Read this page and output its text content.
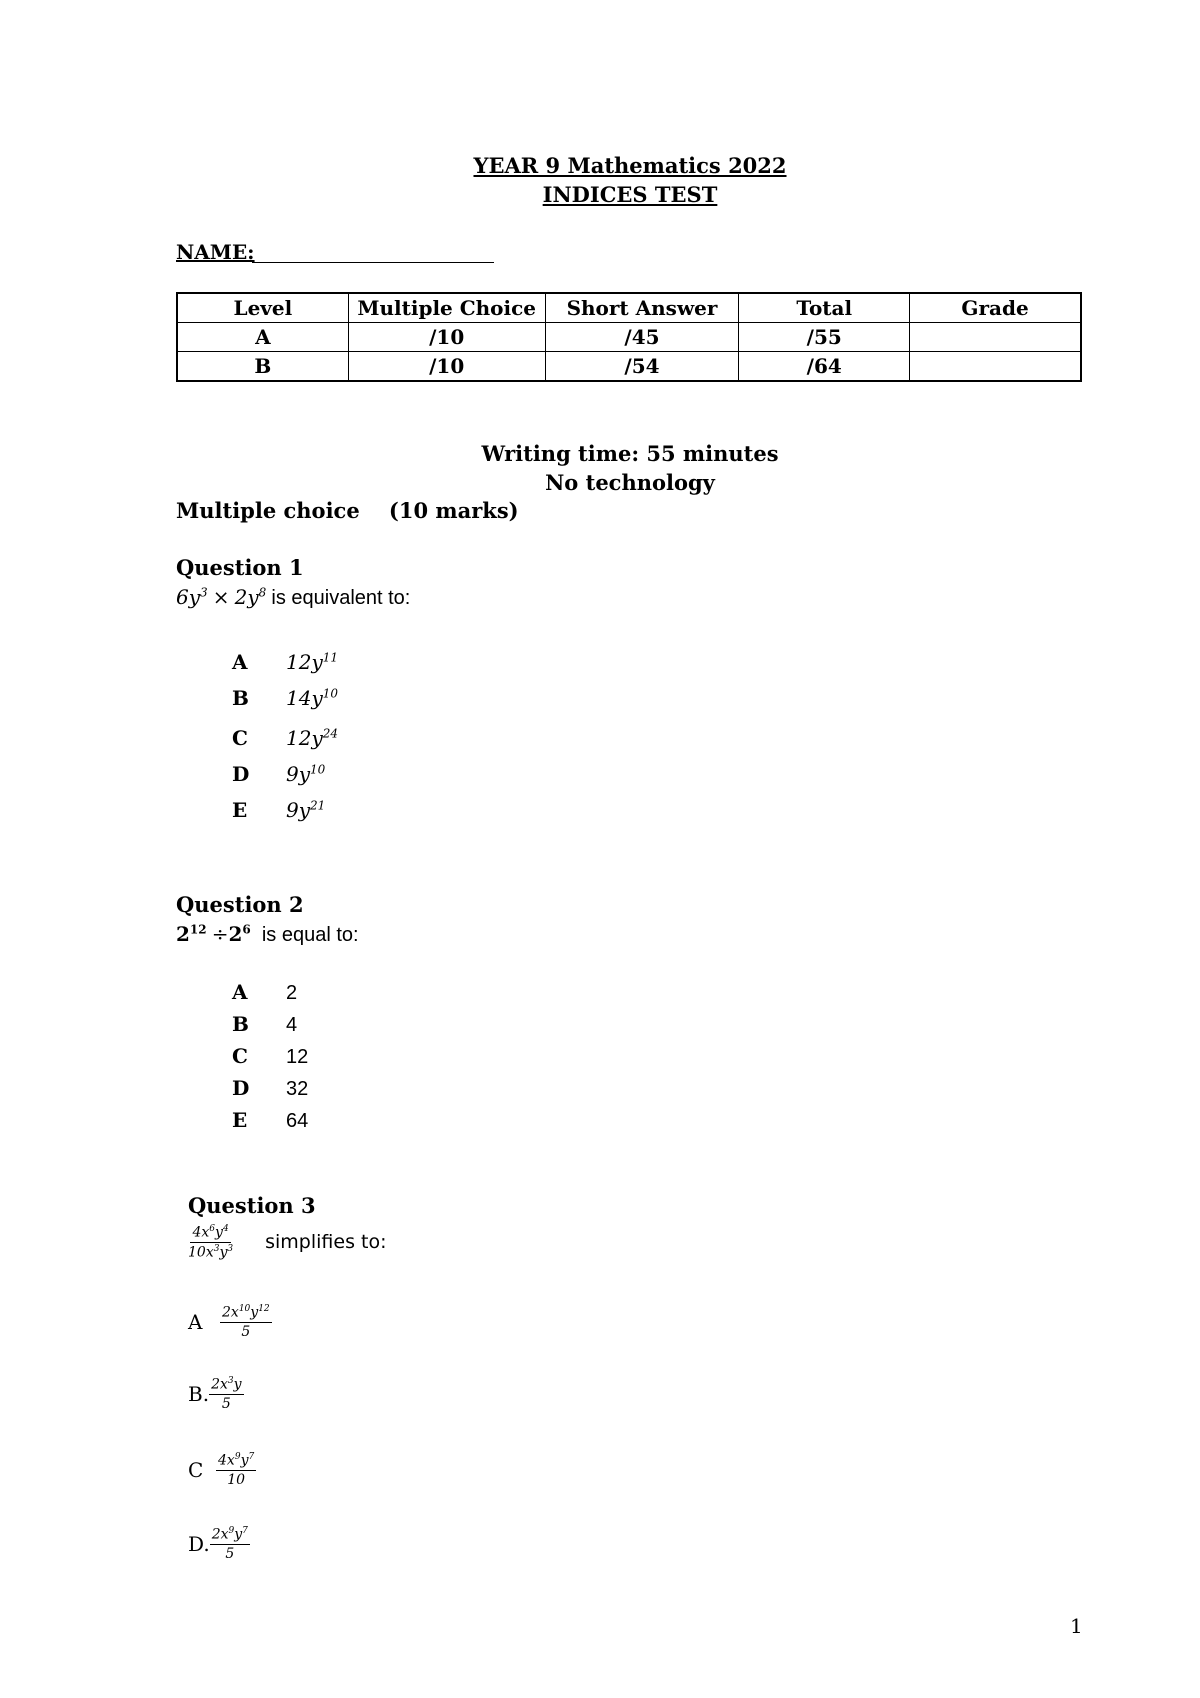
YEAR 9 Mathematics 2022
INDICES TEST
NAME:
Level	Multiple Choice	Short Answer	Total	Grade
A	/10	/45	/55	
B	/10	/54	/64	
Writing time: 55 minutes
No technology
Multiple choice    (10 marks)
Question 1
$6y^3 \times 2y^8$ is equivalent to:
A $12y^{11}$
B $14y^{10}$
C $12y^{24}$
D $9y^{10}$
E $9y^{21}$
Question 2
$2^{12} \div 2^6$ is equal to:
A 2
B 4
C 12
D 32
E 64
Question 3
$\frac{4x^6y^4}{10x^3y^3}$ simplifies to:
A	$\frac{2x^{10}y^{12}}{5}$
B. $\frac{2x^3y}{5}$
C $\frac{4x^9y^7}{10}$
D. $\frac{2x^9y^7}{5}$
1
